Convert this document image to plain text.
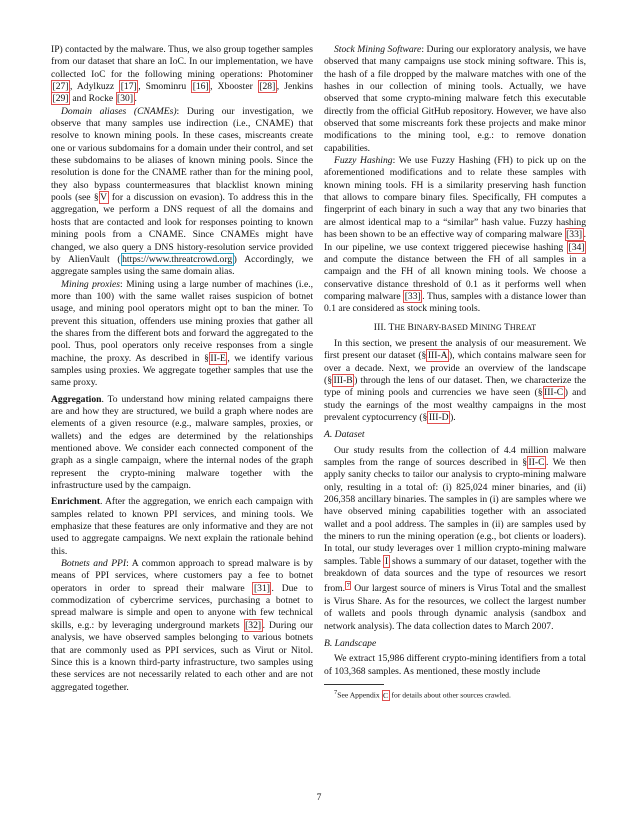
IP) contacted by the malware. Thus, we also group together samples from our dataset that share an IoC. In our implementation, we have collected IoC for the following mining operations: Photominer [27] , Adylkuzz [17] , Smominru [16] , Xbooster [28] , Jenkins [29] and Rocke [30] .

Domain aliases (CNAMEs): During our investigation, we observe that many samples use indirection (i.e., CNAME) that resolve to known mining pools. In these cases, miscreants create one or various subdomains for a domain under their control, and set these subdomains to be aliases of known mining pools. Since the resolution is done for the CNAME rather than for the mining pool, they also bypass countermeasures that blacklist known mining pools (see § V for a discussion on evasion). To address this in the aggregation, we perform a DNS request of all the domains and hosts that are contacted and look for responses pointing to known mining pools from a CNAME. Since CNAMEs might have changed, we also query a DNS history-resolution service provided by AlienVault ( https://www.threatcrowd.org ) Accordingly, we aggregate samples using the same domain alias.

Mining proxies: Mining using a large number of machines (i.e., more than 100) with the same wallet raises suspicion of botnet usage, and mining pool operators might opt to ban the miner. To prevent this situation, offenders use mining proxies that gather all the shares from the different bots and forward the aggregated to the pool. Thus, pool operators only receive responses from a single machine, the proxy. As described in § II-E , we identify various samples using proxies. We aggregate together samples that use the same proxy.

Aggregation. To understand how mining related campaigns there are and how they are structured, we build a graph where nodes are elements of a given resource (e.g., malware samples, proxies, or wallets) and the edges are determined by the relationships mentioned above. We consider each connected component of the graph as a single campaign, where the internal nodes of the graph represent the crypto-mining malware together with the infrastructure used by the campaign.

Enrichment. After the aggregation, we enrich each campaign with samples related to known PPI services, and mining tools. We emphasize that these features are only informative and they are not used to aggregate campaigns. We next explain the rationale behind this.

Botnets and PPI: A common approach to spread malware is by means of PPI services, where customers pay a fee to botnet operators in order to spread their malware [31] . Due to commodization of cybercrime services, purchasing a botnet to spread malware is simple and open to anyone with few technical skills, e.g.: by leveraging underground markets [32] . During our analysis, we have observed samples belonging to various botnets that are commonly used as PPI services, such as Virut or Nitol. Since this is a known third-party infrastructure, two samples using these services are not necessarily related to each other and are not aggregated together.

Stock Mining Software: During our exploratory analysis, we have observed that many campaigns use stock mining software. This is, the hash of a file dropped by the malware matches with one of the hashes in our collection of mining tools. Actually, we have observed that some crypto-mining malware fetch this executable directly from the official GitHub repository. However, we have also observed that some miscreants fork these projects and make minor modifications to the mining tool, e.g.: to remove donation capabilities.

Fuzzy Hashing: We use Fuzzy Hashing (FH) to pick up on the aforementioned modifications and to relate these samples with known mining tools. FH is a similarity preserving hash function that allows to compare binary files. Specifically, FH computes a fingerprint of each binary in such a way that any two binaries that are almost identical map to a “similar” hash value. Fuzzy hashing has been shown to be an effective way of comparing malware [33] . In our pipeline, we use context triggered piecewise hashing [34] and compute the distance between the FH of all samples in a campaign and the FH of all known mining tools. We choose a conservative distance threshold of 0.1 as it performs well when comparing malware [33] . Thus, samples with a distance lower than 0.1 are considered as stock mining tools.

III. THE BINARY-BASED MINING THREAT

In this section, we present the analysis of our measurement. We first present our dataset (§ III-A ), which contains malware seen for over a decade. Next, we provide an overview of the landscape (§ III-B ) through the lens of our dataset. Then, we characterize the type of mining pools and currencies we have seen (§ III-C ) and study the earnings of the most wealthy campaigns in the most prevalent cyptocurrency (§ III-D ).

A. Dataset

Our study results from the collection of 4.4 million malware samples from the range of sources described in § II-C . We then apply sanity checks to tailor our analysis to crypto-mining malware only, resulting in a total of: (i) 825,024 miner binaries, and (ii) 206,358 ancillary binaries. The samples in (i) are samples where we have observed mining capabilities together with an associated wallet and a pool address. The samples in (ii) are samples used by the miners to run the mining operation (e.g., bot clients or loaders). In total, our study leverages over 1 million crypto-mining malware samples. Table I shows a summary of our dataset, together with the breakdown of data sources and the type of resources we resort from. $^7$ Our largest source of miners is Virus Total and the smallest is Virus Share. As for the resources, we collect the largest number of wallets and pools through dynamic analysis (sandbox and network analysis). The data collection dates to March 2007.

B. Landscape

We extract 15,986 different crypto-mining identifiers from a total of 103,368 samples. As mentioned, these mostly include

$^7$See Appendix C for details about other sources crawled.
7
